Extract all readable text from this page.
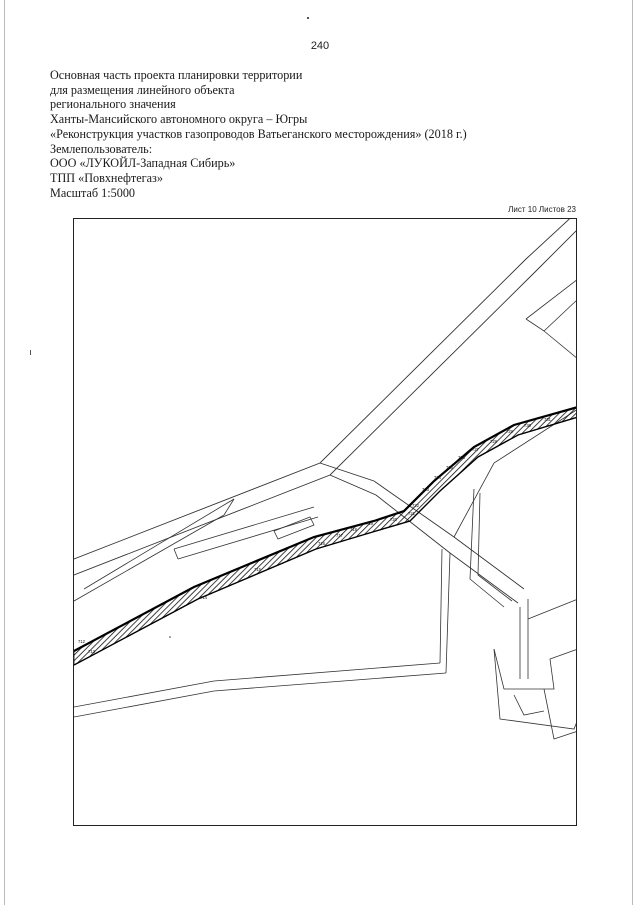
240
Основная часть проекта планировки территории
для размещения линейного объекта
регионального значения
Ханты-Мансийского автономного округа – Югры
«Реконструкция участков газопроводов Ватьеганского месторождения» (2018 г.)
Землепользователь:
ООО «ЛУКОЙЛ-Западная Сибирь»
ТПП «Повхнефтегаз»
Масштаб 1:5000
Лист 10 Листов 23
712
713
714
715
716
717
718
719
720
721
722
723
724
725
726
727
728
729
730
731
